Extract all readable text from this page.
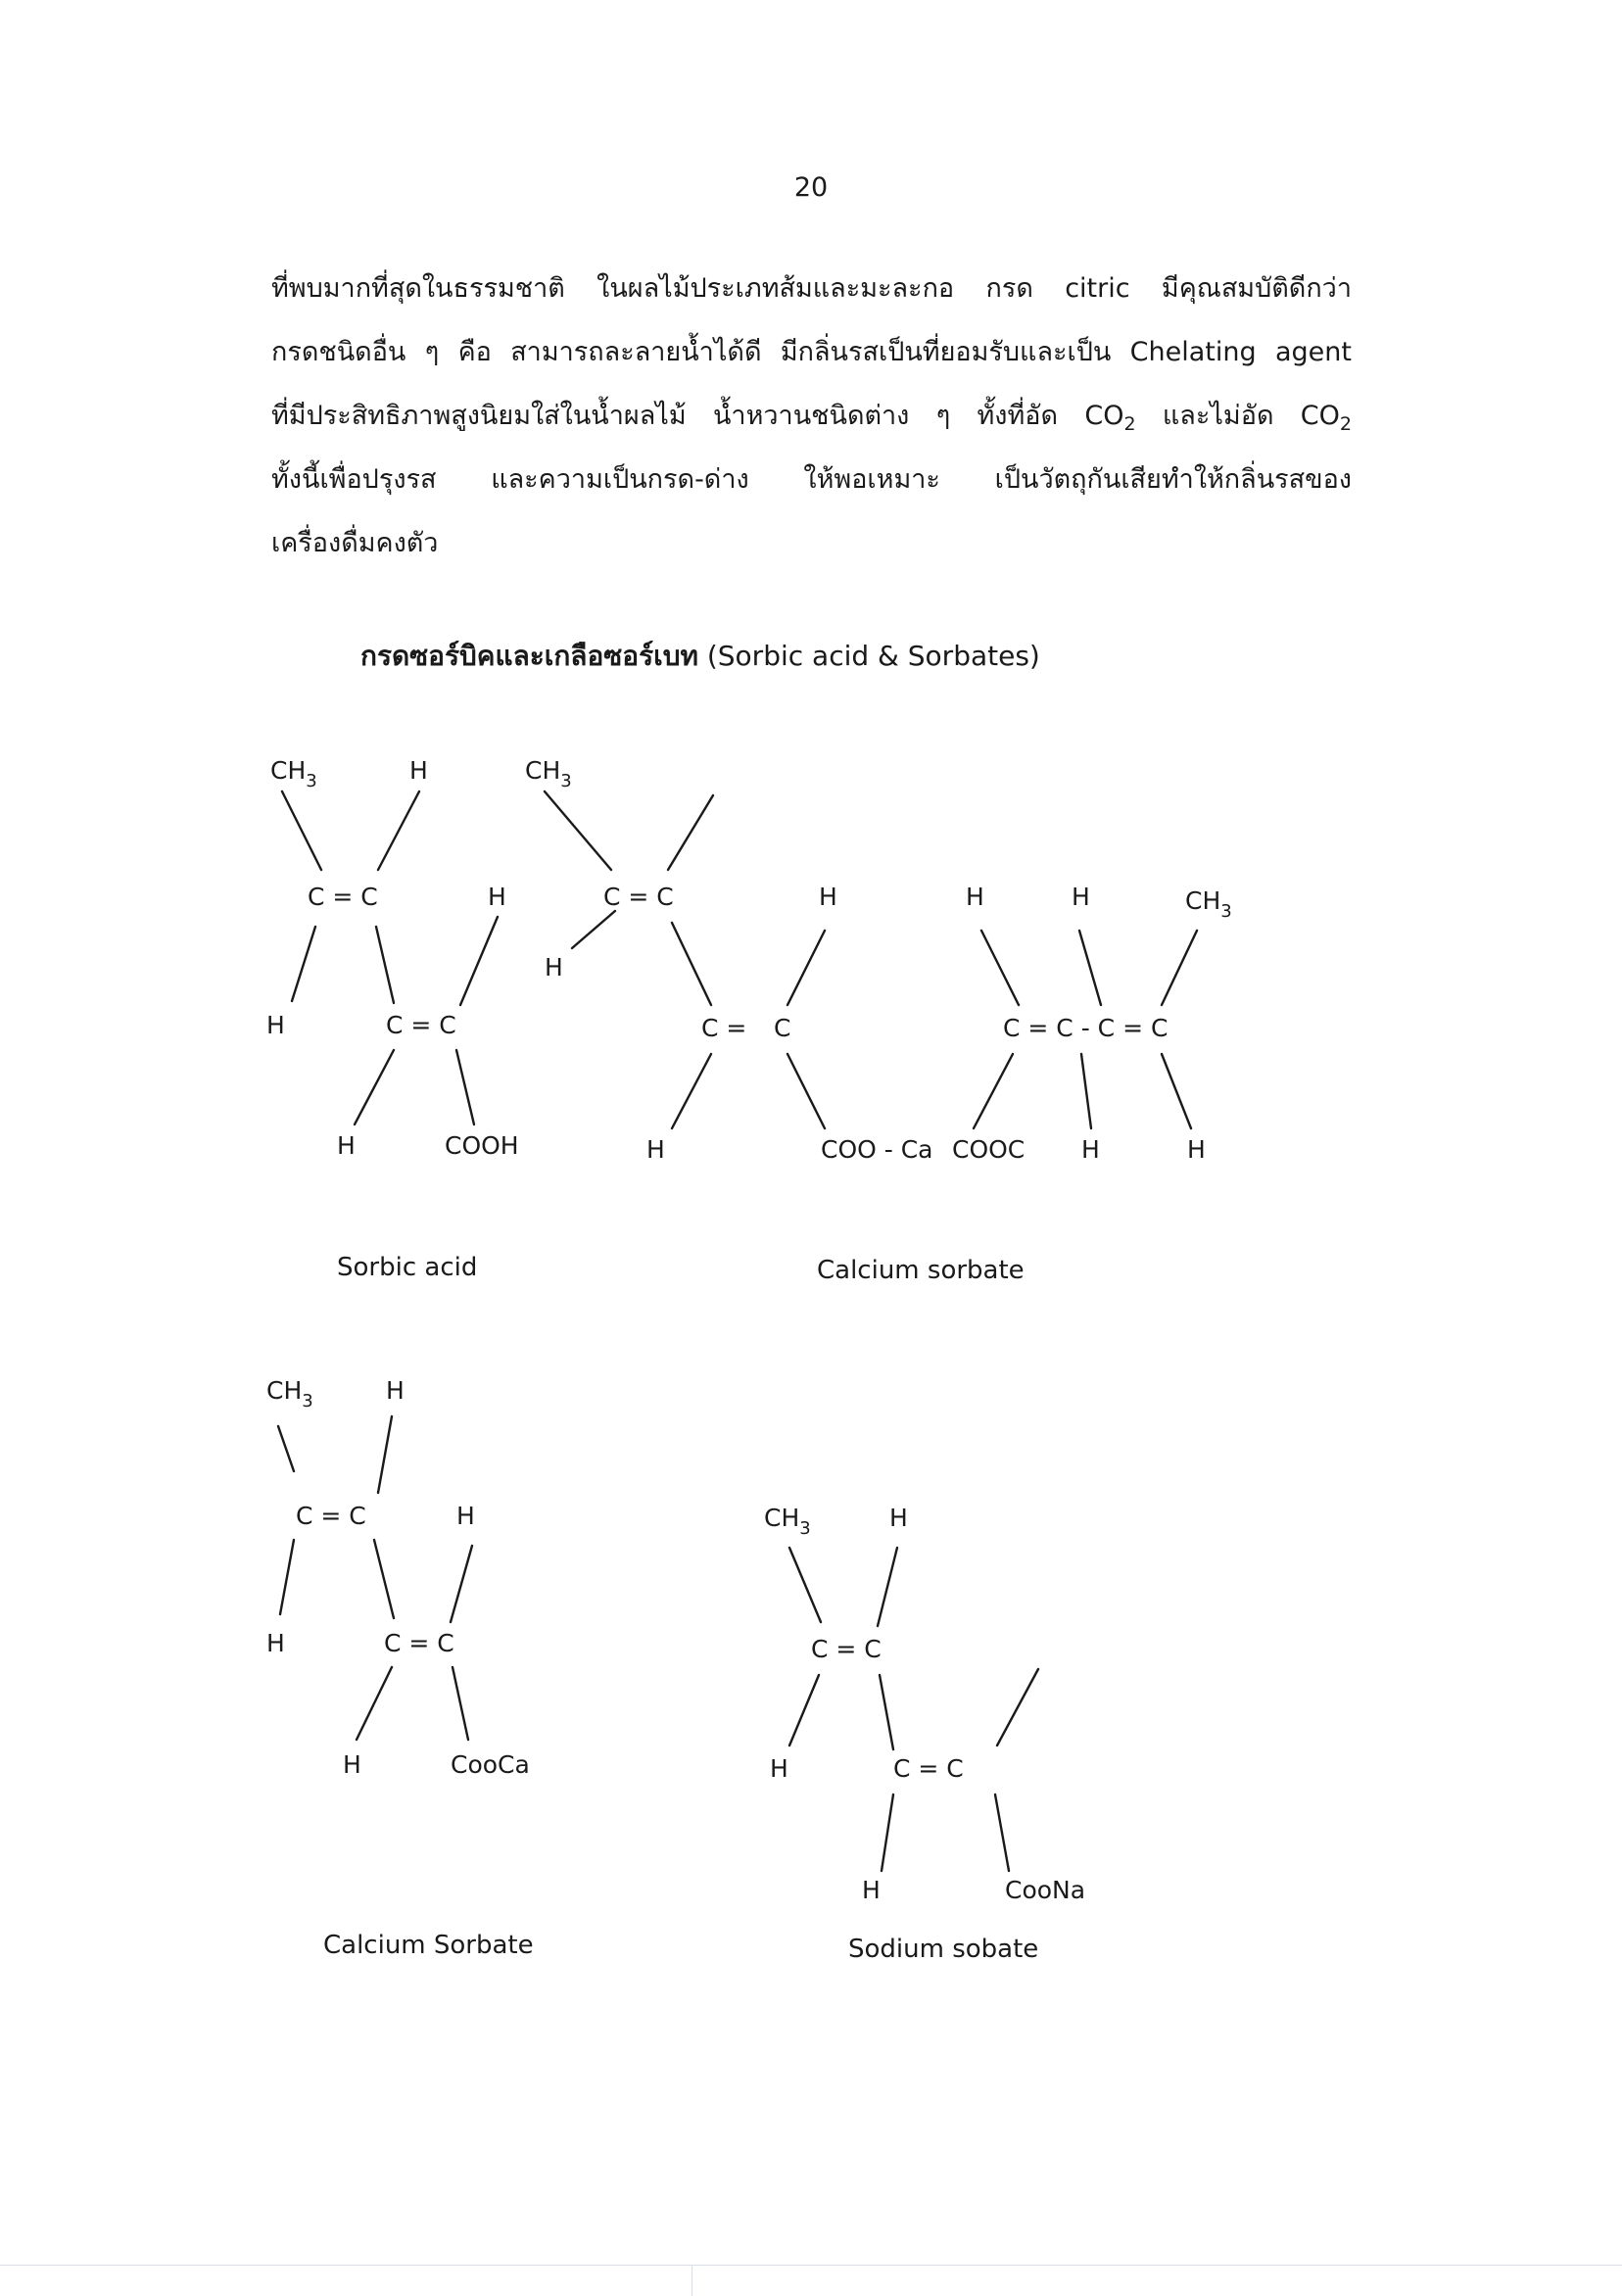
20
ที่พบมากที่สุดในธรรมชาติ ในผลไม้ประเภทส้มและมะละกอ กรด citric มีคุณสมบัติดีกว่า
กรดชนิดอื่น ๆ คือ สามารถละลายน้ำได้ดี มีกลิ่นรสเป็นที่ยอมรับและเป็น Chelating agent
ที่มีประสิทธิภาพสูงนิยมใส่ในน้ำผลไม้ น้ำหวานชนิดต่าง ๆ ทั้งที่อัด $CO_2$ และไม่อัด $CO_2$
ทั้งนี้เพื่อปรุงรส และความเป็นกรด-ด่าง ให้พอเหมาะ เป็นวัตถุกันเสียทำให้กลิ่นรสของ
เครื่องดื่มคงตัว
กรดซอร์บิคและเกลือซอร์เบท (Sorbic acid & Sorbates)
$CH_3$	H
C = C	H
H	C = C
H	COOH
Sorbic acid
$CH_3$
C = C
H
H
C = C
H	COO - Ca COOC
H	H	$CH_3$
C = C - C = C
H	H
Calcium sorbate
$CH_3$	H
C = C	H
H	C = C
H	CooCa
Calcium Sorbate
$CH_3$	H
C = C
H	C = C
H	CooNa
Sodium sobate
